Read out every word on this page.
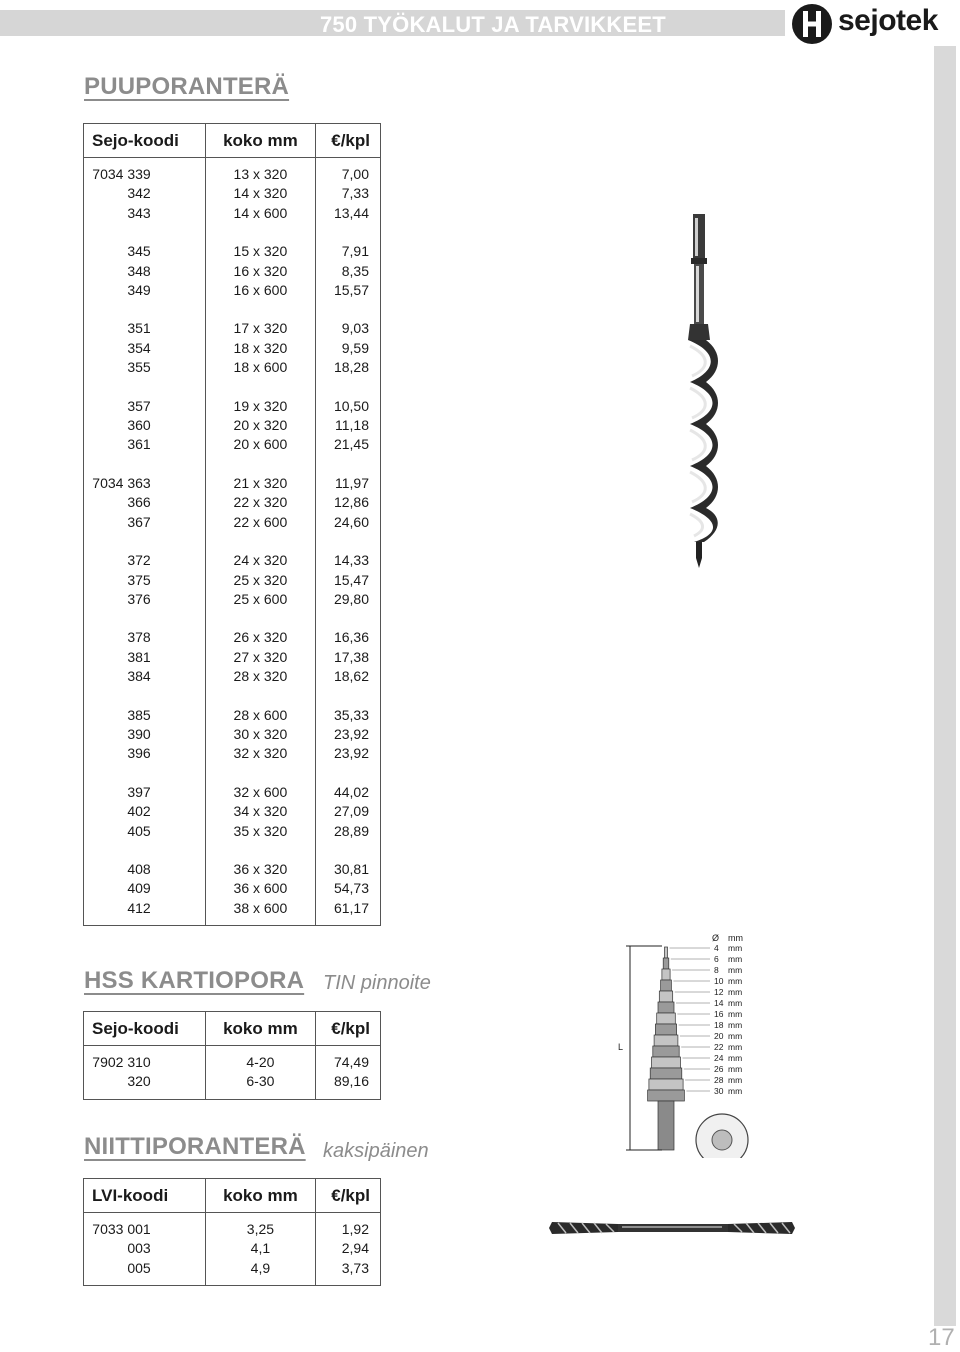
750 TYÖKALUT JA TARVIKKEET	sejotek
17
PUUPORANTERÄ
Sejo-koodi	koko mm	€/kpl

7034 339	13 x 320	7,00
342	14 x 320	7,33
343	14 x 600	13,44

345	15 x 320	7,91
348	16 x 320	8,35
349	16 x 600	15,57

351	17 x 320	9,03
354	18 x 320	9,59
355	18 x 600	18,28

357	19 x 320	10,50
360	20 x 320	11,18
361	20 x 600	21,45

7034 363	21 x 320	11,97
366	22 x 320	12,86
367	22 x 600	24,60

372	24 x 320	14,33
375	25 x 320	15,47
376	25 x 600	29,80

378	26 x 320	16,36
381	27 x 320	17,38
384	28 x 320	18,62

385	28 x 600	35,33
390	30 x 320	23,92
396	32 x 320	23,92

397	32 x 600	44,02
402	34 x 320	27,09
405	35 x 320	28,89

408	36 x 320	30,81
409	36 x 600	54,73
412	38 x 600	61,17

HSS KARTIOPORA TIN pinnoite
Sejo-koodi	koko mm	€/kpl

7902 310	4-20	74,49
320	6-30	89,16

Ø mm
4 mm
6 mm
8 mm
10 mm
12 mm
14 mm
16 mm
18 mm
20 mm
22 mm
24 mm
26 mm
28 mm
30 mm
L
NIITTIPORANTERÄ kaksipäinen
LVI-koodi	koko mm	€/kpl

7033 001	3,25	1,92
003	4,1	2,94
005	4,9	3,73
